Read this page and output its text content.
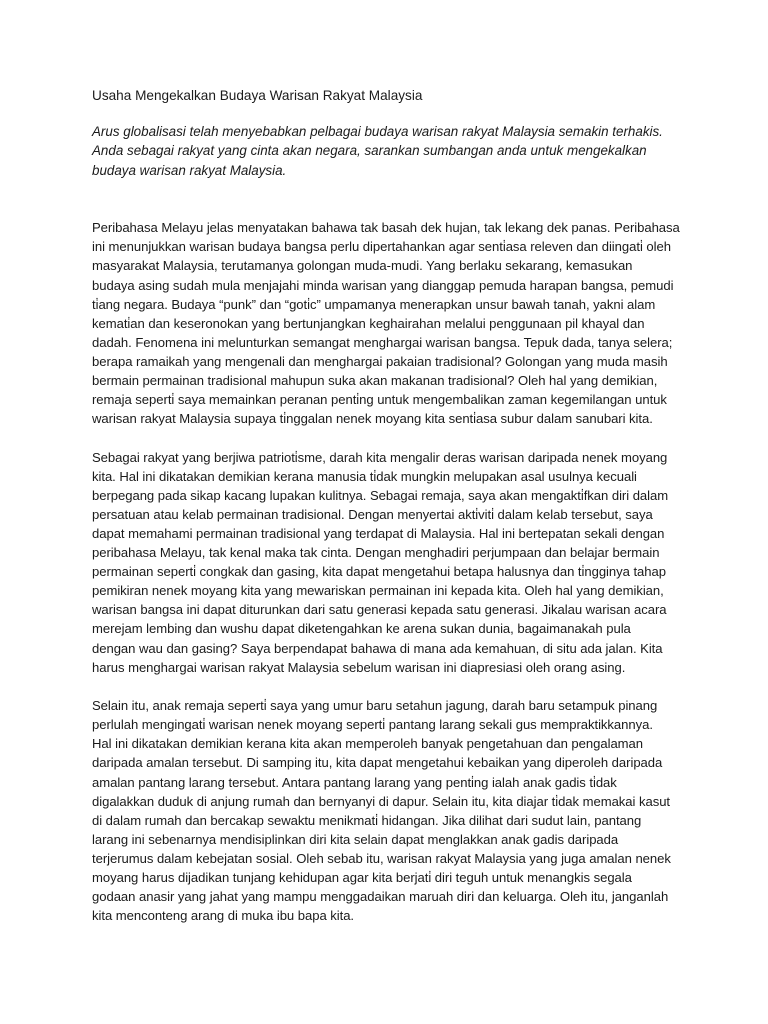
Usaha Mengekalkan Budaya Warisan Rakyat Malaysia
Arus globalisasi telah menyebabkan pelbagai budaya warisan rakyat Malaysia semakin terhakis.
Anda sebagai rakyat yang cinta akan negara, sarankan sumbangan anda untuk mengekalkan
budaya warisan rakyat Malaysia.
Peribahasa Melayu jelas menyatakan bahawa tak basah dek hujan, tak lekang dek panas. Peribahasa
ini menunjukkan warisan budaya bangsa perlu dipertahankan agar senti̇asa releven dan diingati̇ oleh
masyarakat Malaysia, terutamanya golongan muda-mudi. Yang berlaku sekarang, kemasukan
budaya asing sudah mula menjajahi minda warisan yang dianggap pemuda harapan bangsa, pemudi
ti̇ang negara. Budaya “punk” dan “goti̇c” umpamanya menerapkan unsur bawah tanah, yakni alam
kemati̇an dan keseronokan yang bertunjangkan keghairahan melalui penggunaan pil khayal dan
dadah. Fenomena ini melunturkan semangat menghargai warisan bangsa. Tepuk dada, tanya selera;
berapa ramaikah yang mengenali dan menghargai pakaian tradisional? Golongan yang muda masih
bermain permainan tradisional mahupun suka akan makanan tradisional? Oleh hal yang demikian,
remaja seperti̇ saya memainkan peranan penti̇ng untuk mengembalikan zaman kegemilangan untuk
warisan rakyat Malaysia supaya ti̇nggalan nenek moyang kita senti̇asa subur dalam sanubari kita.
Sebagai rakyat yang berjiwa patrioti̇sme, darah kita mengalir deras warisan daripada nenek moyang
kita. Hal ini dikatakan demikian kerana manusia ti̇dak mungkin melupakan asal usulnya kecuali
berpegang pada sikap kacang lupakan kulitnya. Sebagai remaja, saya akan mengakti̇fkan diri dalam
persatuan atau kelab permainan tradisional. Dengan menyertai akti̇viti̇ dalam kelab tersebut, saya
dapat memahami permainan tradisional yang terdapat di Malaysia. Hal ini bertepatan sekali dengan
peribahasa Melayu, tak kenal maka tak cinta. Dengan menghadiri perjumpaan dan belajar bermain
permainan seperti̇ congkak dan gasing, kita dapat mengetahui betapa halusnya dan ti̇ngginya tahap
pemikiran nenek moyang kita yang mewariskan permainan ini kepada kita. Oleh hal yang demikian,
warisan bangsa ini dapat diturunkan dari satu generasi kepada satu generasi. Jikalau warisan acara
merejam lembing dan wushu dapat diketengahkan ke arena sukan dunia, bagaimanakah pula
dengan wau dan gasing? Saya berpendapat bahawa di mana ada kemahuan, di situ ada jalan. Kita
harus menghargai warisan rakyat Malaysia sebelum warisan ini diapresiasi oleh orang asing.
Selain itu, anak remaja seperti̇ saya yang umur baru setahun jagung, darah baru setampuk pinang
perlulah mengingati̇ warisan nenek moyang seperti̇ pantang larang sekali gus mempraktikkannya.
Hal ini dikatakan demikian kerana kita akan memperoleh banyak pengetahuan dan pengalaman
daripada amalan tersebut. Di samping itu, kita dapat mengetahui kebaikan yang diperoleh daripada
amalan pantang larang tersebut. Antara pantang larang yang penti̇ng ialah anak gadis ti̇dak
digalakkan duduk di anjung rumah dan bernyanyi di dapur. Selain itu, kita diajar ti̇dak memakai kasut
di dalam rumah dan bercakap sewaktu menikmati̇ hidangan. Jika dilihat dari sudut lain, pantang
larang ini sebenarnya mendisiplinkan diri kita selain dapat menglakkan anak gadis daripada
terjerumus dalam kebejatan sosial. Oleh sebab itu, warisan rakyat Malaysia yang juga amalan nenek
moyang harus dijadikan tunjang kehidupan agar kita berjati̇ diri teguh untuk menangkis segala
godaan anasir yang jahat yang mampu menggadaikan maruah diri dan keluarga. Oleh itu, janganlah
kita menconteng arang di muka ibu bapa kita.
